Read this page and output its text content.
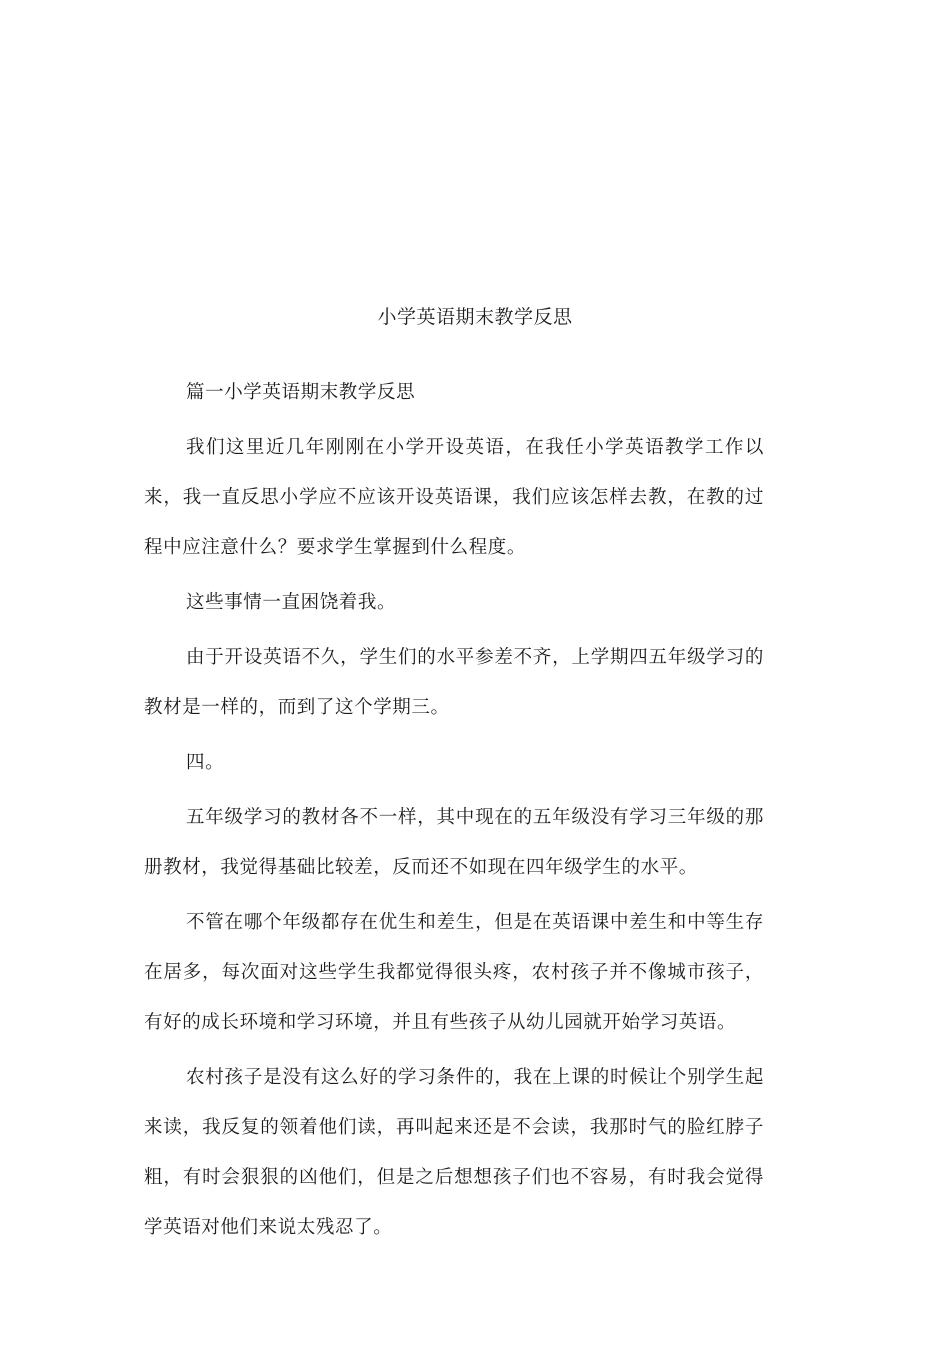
小学英语期末教学反思

篇一小学英语期末教学反思

我们这里近几年刚刚在小学开设英语，在我任小学英语教学工作以来，我一直反思小学应不应该开设英语课，我们应该怎样去教，在教的过程中应注意什么？要求学生掌握到什么程度。

这些事情一直困饶着我。

由于开设英语不久，学生们的水平参差不齐，上学期四五年级学习的教材是一样的，而到了这个学期三。

四。

五年级学习的教材各不一样，其中现在的五年级没有学习三年级的那册教材，我觉得基础比较差，反而还不如现在四年级学生的水平。

不管在哪个年级都存在优生和差生，但是在英语课中差生和中等生存在居多，每次面对这些学生我都觉得很头疼，农村孩子并不像城市孩子，有好的成长环境和学习环境，并且有些孩子从幼儿园就开始学习英语。

农村孩子是没有这么好的学习条件的，我在上课的时候让个别学生起来读，我反复的领着他们读，再叫起来还是不会读，我那时气的脸红脖子粗，有时会狠狠的凶他们，但是之后想想孩子们也不容易，有时我会觉得学英语对他们来说太残忍了。
